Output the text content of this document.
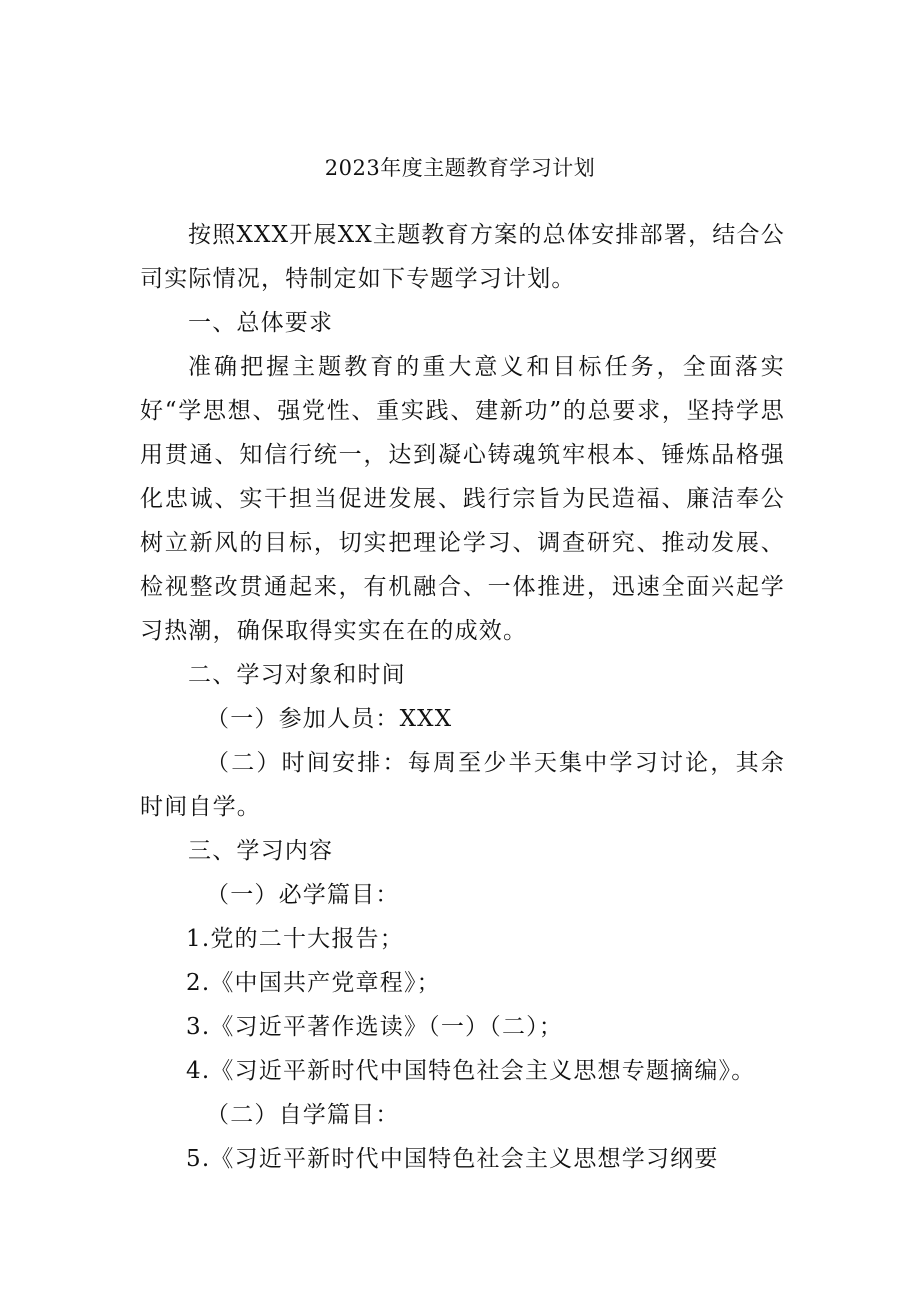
2023年度主题教育学习计划

按照XXX开展XX主题教育方案的总体安排部署，结合公司实际情况，特制定如下专题学习计划。

一、总体要求

准确把握主题教育的重大意义和目标任务，全面落实好“学思想、强党性、重实践、建新功”的总要求，坚持学思用贯通、知信行统一，达到凝心铸魂筑牢根本、锤炼品格强化忠诚、实干担当促进发展、践行宗旨为民造福、廉洁奉公树立新风的目标，切实把理论学习、调查研究、推动发展、检视整改贯通起来，有机融合、一体推进，迅速全面兴起学习热潮，确保取得实实在在的成效。

二、学习对象和时间

（一）参加人员：XXX

（二）时间安排：每周至少半天集中学习讨论，其余时间自学。

三、学习内容

（一）必学篇目：

1.党的二十大报告；

2.《中国共产党章程》；

3.《习近平著作选读》（一）（二）；

4.《习近平新时代中国特色社会主义思想专题摘编》。

（二）自学篇目：

5.《习近平新时代中国特色社会主义思想学习纲要
